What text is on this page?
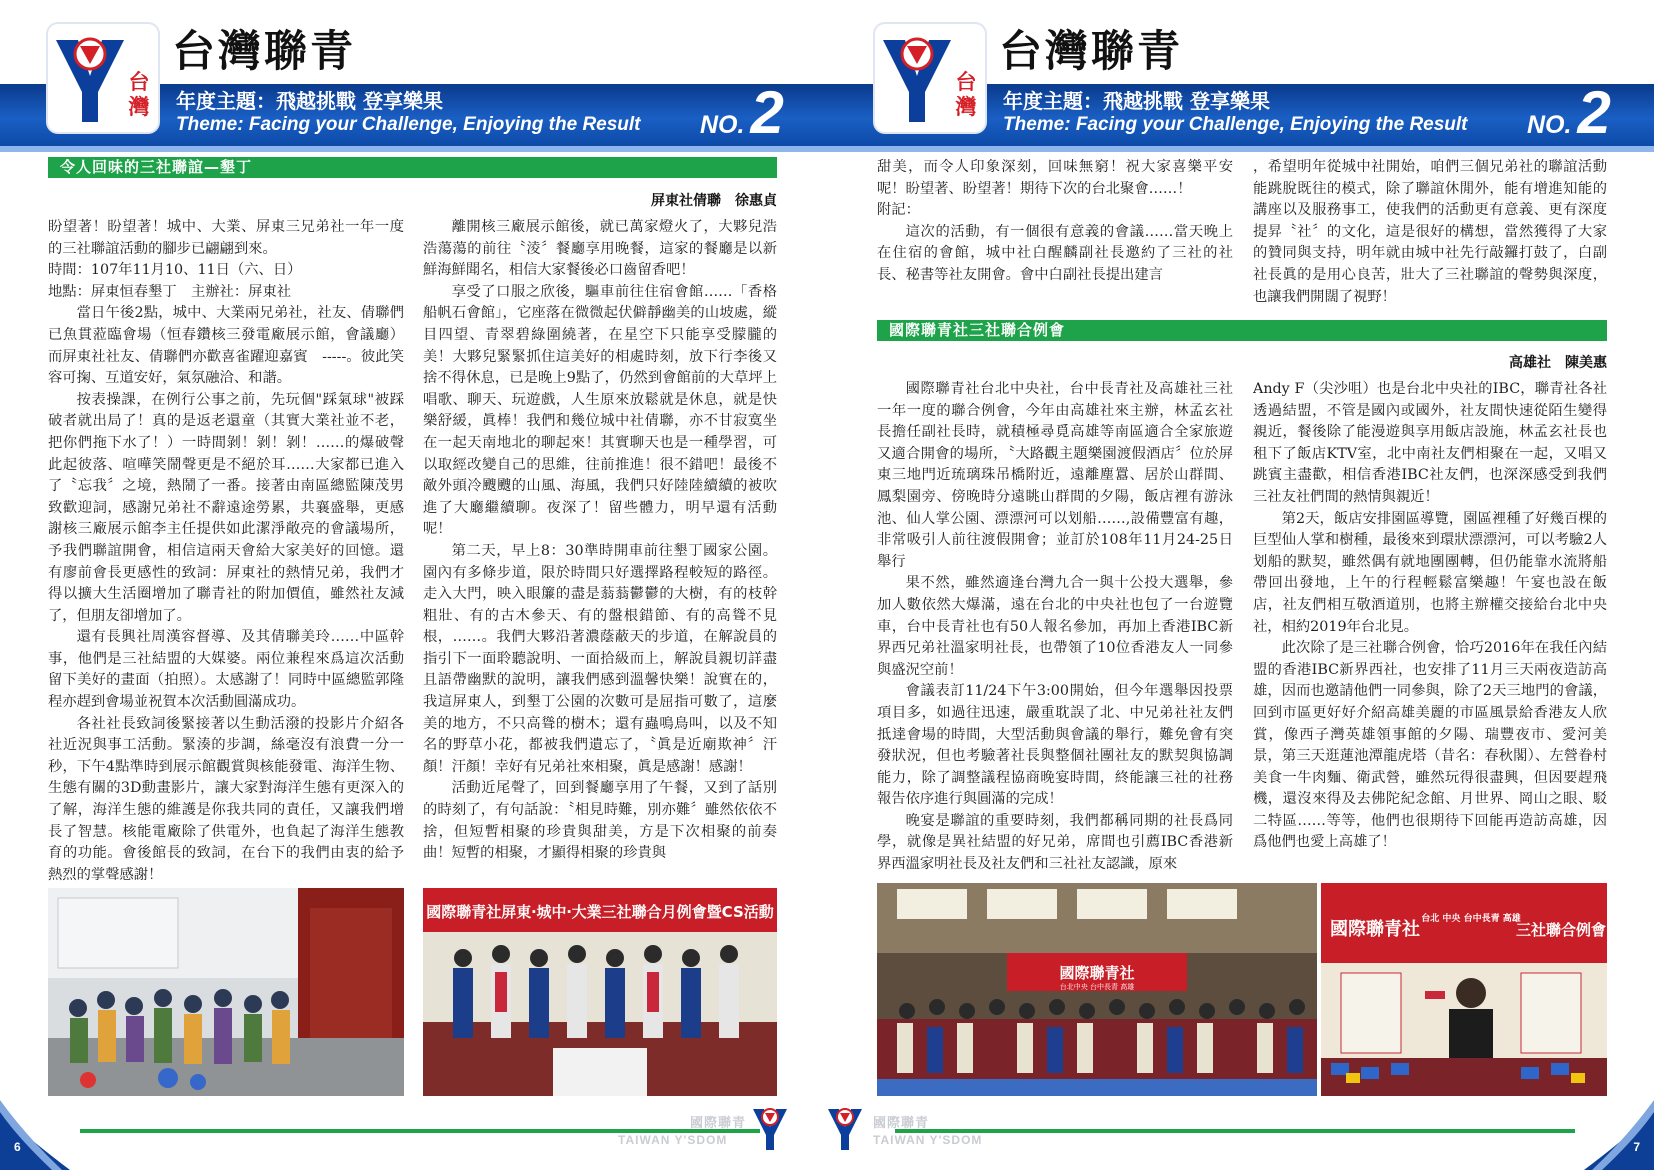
台灣
台灣聯青
年度主題：飛越挑戰 登享樂果
Theme: Facing your Challenge, Enjoying the Result NO. 2
令人回味的三社聯誼—墾丁
屏東社倩聯　徐惠貞

盼望著！盼望著！城中、大業、屏東三兄弟社一年一度的三社聯誼活動的腳步已翩翩到來。

時間：107年11月10、11日（六、日）

地點：屏東恒春墾丁　主辦社：屏東社

當日午後2點，城中、大業兩兄弟社，社友、倩聯們已魚貫蒞臨會場（恒春鑽核三發電廠展示館，會議廳）而屏東社社友、倩聯們亦歡喜雀躍迎嘉賓　-----。彼此笑容可掬、互道安好，氣氛融洽、和諧。

按表操課，在例行公事之前，先玩個"踩氣球"被踩破者就出局了！真的是返老還童（其實大業社並不老，把你們拖下水了！）一時間剝！剝！剝！……的爆破聲此起彼落、喧嘩笑鬧聲更是不絕於耳……大家都已進入了〝忘我〞之境，熱鬧了一番。接著由南區總監陳茂男致歡迎詞，感謝兄弟社不辭遠途勞累，共襄盛舉，更感謝核三廠展示館李主任提供如此潔淨敞亮的會議場所，予我們聯誼開會，相信這兩天會給大家美好的回憶。還有廖前會長更感性的致詞：屏東社的熱情兄弟，我們才得以擴大生活圈增加了聯青社的附加價值，雖然社友減了，但朋友卻增加了。

還有長興社周漢容督導、及其倩聯美玲……中區幹事，他們是三社結盟的大媒婆。兩位兼程來爲這次活動留下美好的畫面（拍照）。太感謝了！同時中區總監郭隆程亦趕到會場並祝賀本次活動圓滿成功。

各社社長致詞後緊接著以生動活潑的投影片介紹各社近況與事工活動。緊湊的步調，絲毫沒有浪費一分一秒，下午4點準時到展示館觀賞與核能發電、海洋生物、生態有關的3D動畫影片，讓大家對海洋生態有更深入的了解，海洋生態的維護是你我共同的責任，又讓我們增長了智慧。核能電廠除了供電外，也負起了海洋生態教育的功能。會後館長的致詞，在台下的我們由衷的給予熱烈的掌聲感謝！

離開核三廠展示館後，就已萬家燈火了，大夥兒浩浩蕩蕩的前往〝淩〞餐廳享用晚餐，這家的餐廳是以新鮮海鮮聞名，相信大家餐後必口齒留香吧！

享受了口服之欣後，驅車前往住宿會館……「香格船帆石會館」，它座落在微微起伏僻靜幽美的山坡處，縱目四望、青翠碧綠圍繞著，在星空下只能享受朦朧的美！大夥兒緊緊抓住這美好的相處時刻，放下行李後又捨不得休息，已是晚上9點了，仍然到會館前的大草坪上唱歌、聊天、玩遊戲，人生原來放鬆就是休息，就是快樂舒緩，眞棒！我們和幾位城中社倩聯，亦不甘寂寞坐在一起天南地北的聊起來！其實聊天也是一種學習，可以取經改變自己的思維，往前推進！很不錯吧！最後不敵外頭冷颼颼的山風、海風，我們只好陸陸續續的被吹進了大廳繼續聊。夜深了！留些體力，明早還有活動呢！

第二天，早上8：30準時開車前往墾丁國家公園。園內有多條步道，限於時間只好選擇路程較短的路徑。走入大門，映入眼簾的盡是蓊蓊鬱鬱的大樹，有的枝幹粗壯、有的古木參天、有的盤根錯節、有的高聳不見根，……。我們大夥沿著濃蔭蔽天的步道，在解說員的指引下一面聆聽說明、一面拾級而上，解說員親切詳盡且語帶幽默的說明，讓我們感到溫馨快樂！說實在的，我這屏東人，到墾丁公園的次數可是屈指可數了，這麼美的地方，不只高聳的樹木；還有蟲鳴鳥叫，以及不知名的野草小花，都被我們遺忘了，〝眞是近廟欺神〞汗顏！汗顏！幸好有兄弟社來相聚，眞是感謝！感謝！

活動近尾聲了，回到餐廳享用了午餐，又到了話別的時刻了，有句話說：〝相見時難，別亦難〞雖然依依不捨，但短暫相聚的珍貴與甜美，方是下次相聚的前奏曲！短暫的相聚，才顯得相聚的珍貴與

國際聯青社屏東‧城中‧大業三社聯合月例會暨CS活動
國際聯青
TAIWAN Y'SDOM
6
台灣
台灣聯青
年度主題：飛越挑戰 登享樂果
Theme: Facing your Challenge, Enjoying the Result NO. 2

甜美，而令人印象深刻，回味無窮！祝大家喜樂平安呢！盼望著、盼望著！期待下次的台北聚會……！

附記：

這次的活動，有一個很有意義的會議……當天晚上在住宿的會館，城中社白醒麟副社長邀約了三社的社長、秘書等社友開會。會中白副社長提出建言

，希望明年從城中社開始，咱們三個兄弟社的聯誼活動能跳脫既往的模式，除了聯誼休閒外，能有增進知能的講座以及服務事工，使我們的活動更有意義、更有深度提昇〝社〞的文化，這是很好的構想，當然獲得了大家的贊同與支持，明年就由城中社先行敲鑼打鼓了，白副社長眞的是用心良苦，壯大了三社聯誼的聲勢與深度，也讓我們開闊了視野！

國際聯青社三社聯合例會
高雄社　陳美惠

國際聯青社台北中央社，台中長青社及高雄社三社一年一度的聯合例會，今年由高雄社來主辦，林孟玄社長擔任副社長時，就積極尋覓高雄等南區適合全家旅遊又適合開會的場所，〝大路觀主題樂園渡假酒店〞位於屏東三地門近琉璃珠吊橋附近，遠離塵囂、居於山群間、鳳梨園旁、傍晚時分遠眺山群間的夕陽，飯店裡有游泳池、仙人掌公園、漂漂河可以划船……,設備豐富有趣，非常吸引人前往渡假開會；並訂於108年11月24-25日舉行

果不然，雖然適逢台灣九合一與十公投大選舉，參加人數依然大爆滿，遠在台北的中央社也包了一台遊覽車，台中長青社也有50人報名參加，再加上香港IBC新界西兄弟社溫家明社長，也帶領了10位香港友人一同參與盛況空前！

會議表訂11/24下午3:00開始，但今年選舉因投票項目多，如過往迅速，嚴重耽誤了北、中兄弟社社友們抵達會場的時間，大型活動與會議的舉行，難免會有突發狀況，但也考驗著社長與整個社團社友的默契與協調能力，除了調整議程協商晚宴時間，終能讓三社的社務報告依序進行與圓滿的完成！

晚宴是聯誼的重要時刻，我們都稱同期的社長爲同學，就像是異社結盟的好兄弟，席間也引薦IBC香港新界西溫家明社長及社友們和三社社友認識，原來

Andy F（尖沙咀）也是台北中央社的IBC，聯青社各社透過結盟，不管是國內或國外，社友間快速從陌生變得親近，餐後除了能漫遊與享用飯店設施，林孟玄社長也租下了飯店KTV室，北中南社友們相聚在一起，又唱又跳賓主盡歡，相信香港IBC社友們，也深深感受到我們三社友社們間的熱情與親近！

第2天，飯店安排園區導覽，園區裡種了好幾百棵的巨型仙人掌和樹種，最後來到環狀漂漂河，可以考驗2人划船的默契，雖然偶有就地團團轉，但仍能靠水流將船帶回出發地，上午的行程輕鬆富樂趣！午宴也設在飯店，社友們相互敬酒道別，也將主辦權交接給台北中央社，相約2019年台北見。

此次除了是三社聯合例會，恰巧2016年在我任內結盟的香港IBC新界西社，也安排了11月三天兩夜造訪高雄，因而也邀請他們一同參與，除了2天三地門的會議，回到市區更好好介紹高雄美麗的市區風景給香港友人欣賞，像西子灣英雄領事館的夕陽、瑞豐夜市、愛河美景，第三天逛蓮池潭龍虎塔（昔名：春秋閣）、左營眷村美食一牛肉麵、衛武營，雖然玩得很盡興，但因要趕飛機，還沒來得及去佛陀紀念館、月世界、岡山之眼、駁二特區……等等，他們也很期待下回能再造訪高雄，因爲他們也愛上高雄了！

國際聯青社
台北中央 台中長青 高雄
國際聯青社 台北 中央 台中長青 高雄
三社聯合例會
國際聯青
TAIWAN Y'SDOM	7
